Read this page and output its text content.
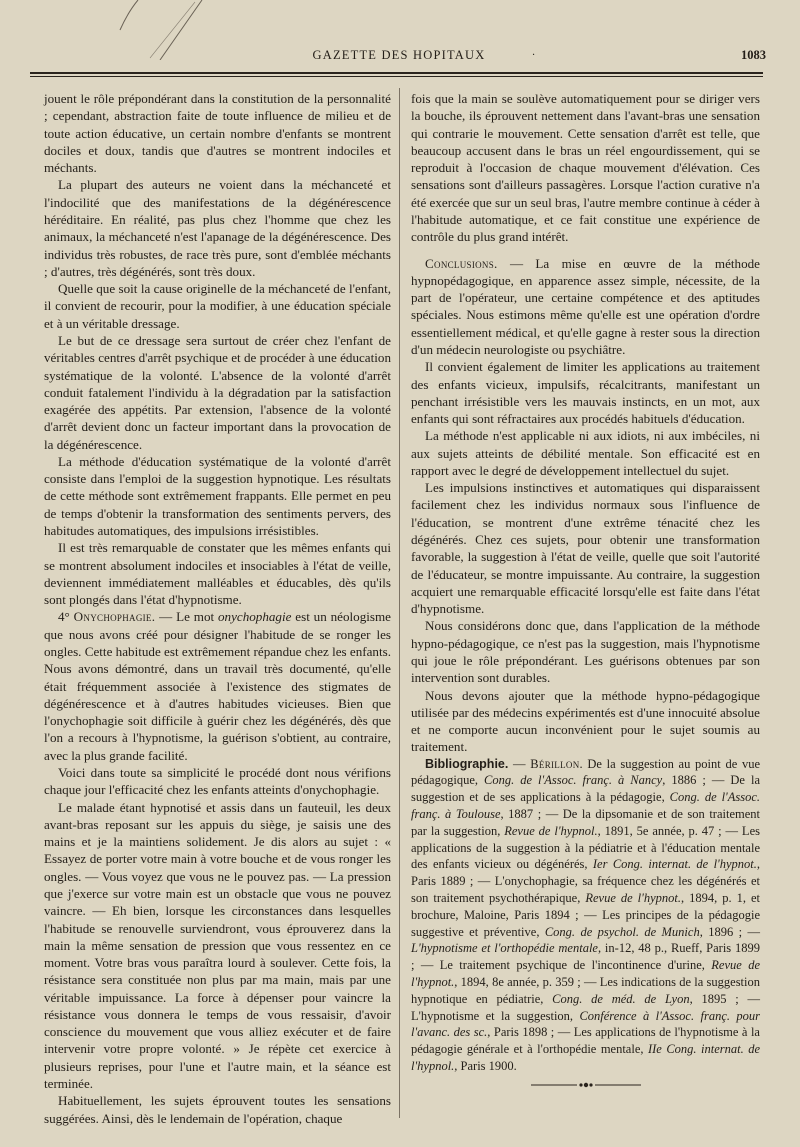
GAZETTE DES HOPITAUX	·	1083

jouent le rôle prépondérant dans la constitution de la personnalité ; cependant, abstraction faite de toute influence de milieu et de toute action éducative, un certain nombre d'enfants se montrent dociles et doux, tandis que d'autres se montrent indociles et méchants.

La plupart des auteurs ne voient dans la méchanceté et l'indocilité que des manifestations de la dégénérescence héréditaire. En réalité, pas plus chez l'homme que chez les animaux, la méchanceté n'est l'apanage de la dégénérescence. Des individus très robustes, de race très pure, sont d'emblée méchants ; d'autres, très dégénérés, sont très doux.

Quelle que soit la cause originelle de la méchanceté de l'enfant, il convient de recourir, pour la modifier, à une éducation spéciale et à un véritable dressage.

Le but de ce dressage sera surtout de créer chez l'enfant de véritables centres d'arrêt psychique et de procéder à une éducation systématique de la volonté. L'absence de la volonté d'arrêt conduit fatalement l'individu à la dégradation par la satisfaction exagérée des appétits. Par extension, l'absence de la volonté d'arrêt devient donc un facteur important dans la provocation de la dégénérescence.

La méthode d'éducation systématique de la volonté d'arrêt consiste dans l'emploi de la suggestion hypnotique. Les résultats de cette méthode sont extrêmement frappants. Elle permet en peu de temps d'obtenir la transformation des sentiments pervers, des habitudes automatiques, des impulsions irrésistibles.

Il est très remarquable de constater que les mêmes enfants qui se montrent absolument indociles et insociables à l'état de veille, deviennent immédiatement malléables et éducables, dès qu'ils sont plongés dans l'état d'hypnotisme.

4° Onychophagie. — Le mot onychophagie est un néologisme que nous avons créé pour désigner l'habitude de se ronger les ongles. Cette habitude est extrêmement répandue chez les enfants. Nous avons démontré, dans un travail très documenté, qu'elle était fréquemment associée à l'existence des stigmates de dégénérescence et à d'autres habitudes vicieuses. Bien que l'onychophagie soit difficile à guérir chez les dégénérés, dès que l'on a recours à l'hypnotisme, la guérison s'obtient, au contraire, avec la plus grande facilité.

Voici dans toute sa simplicité le procédé dont nous vérifions chaque jour l'efficacité chez les enfants atteints d'onychophagie.

Le malade étant hypnotisé et assis dans un fauteuil, les deux avant-bras reposant sur les appuis du siège, je saisis une des mains et je la maintiens solidement. Je dis alors au sujet : « Essayez de porter votre main à votre bouche et de vous ronger les ongles. — Vous voyez que vous ne le pouvez pas. — La pression que j'exerce sur votre main est un obstacle que vous ne pouvez vaincre. — Eh bien, lorsque les circonstances dans lesquelles l'habitude se renouvelle surviendront, vous éprouverez dans la main la même sensation de pression que vous ressentez en ce moment. Votre bras vous paraîtra lourd à soulever. Cette fois, la résistance sera constituée non plus par ma main, mais par une véritable impuissance. La force à dépenser pour vaincre la résistance vous donnera le temps de vous ressaisir, d'avoir conscience du mouvement que vous alliez exécuter et de faire intervenir votre propre volonté. » Je répète cet exercice à plusieurs reprises, pour l'une et l'autre main, et la séance est terminée.

Habituellement, les sujets éprouvent toutes les sensations suggérées. Ainsi, dès le lendemain de l'opération, chaque

fois que la main se soulève automatiquement pour se diriger vers la bouche, ils éprouvent nettement dans l'avant-bras une sensation qui contrarie le mouvement. Cette sensation d'arrêt est telle, que beaucoup accusent dans le bras un réel engourdissement, qui se reproduit à l'occasion de chaque mouvement d'élévation. Ces sensations sont d'ailleurs passagères. Lorsque l'action curative n'a été exercée que sur un seul bras, l'autre membre continue à céder à l'habitude automatique, et ce fait constitue une expérience de contrôle du plus grand intérêt.

Conclusions. — La mise en œuvre de la méthode hypnopédagogique, en apparence assez simple, nécessite, de la part de l'opérateur, une certaine compétence et des aptitudes spéciales. Nous estimons même qu'elle est une opération d'ordre essentiellement médical, et qu'elle gagne à rester sous la direction d'un médecin neurologiste ou psychiâtre.

Il convient également de limiter les applications au traitement des enfants vicieux, impulsifs, récalcitrants, manifestant un penchant irrésistible vers les mauvais instincts, en un mot, aux enfants qui sont réfractaires aux procédés habituels d'éducation.

La méthode n'est applicable ni aux idiots, ni aux imbéciles, ni aux sujets atteints de débilité mentale. Son efficacité est en rapport avec le degré de développement intellectuel du sujet.

Les impulsions instinctives et automatiques qui disparaissent facilement chez les individus normaux sous l'influence de l'éducation, se montrent d'une extrême ténacité chez les dégénérés. Chez ces sujets, pour obtenir une transformation favorable, la suggestion à l'état de veille, quelle que soit l'autorité de l'éducateur, se montre impuissante. Au contraire, la suggestion acquiert une remarquable efficacité lorsqu'elle est faite dans l'état d'hypnotisme.

Nous considérons donc que, dans l'application de la méthode hypno-pédagogique, ce n'est pas la suggestion, mais l'hypnotisme qui joue le rôle prépondérant. Les guérisons obtenues par son intervention sont durables.

Nous devons ajouter que la méthode hypno-pédagogique utilisée par des médecins expérimentés est d'une innocuité absolue et ne comporte aucun inconvénient pour le sujet soumis au traitement.

Bibliographie. — Bérillon. De la suggestion au point de vue pédagogique, Cong. de l'Assoc. franç. à Nancy, 1886 ; — De la suggestion et de ses applications à la pédagogie, Cong. de l'Assoc. franç. à Toulouse, 1887 ; — De la dipsomanie et de son traitement par la suggestion, Revue de l'hypnol., 1891, 5e année, p. 47 ; — Les applications de la suggestion à la pédiatrie et à l'éducation mentale des enfants vicieux ou dégénérés, Ier Cong. internat. de l'hypnot., Paris 1889 ; — L'onychophagie, sa fréquence chez les dégénérés et son traitement psychothérapique, Revue de l'hypnot., 1894, p. 1, et brochure, Maloine, Paris 1894 ; — Les principes de la pédagogie suggestive et préventive, Cong. de psychol. de Munich, 1896 ; — L'hypnotisme et l'orthopédie mentale, in-12, 48 p., Rueff, Paris 1899 ; — Le traitement psychique de l'incontinence d'urine, Revue de l'hypnot., 1894, 8e année, p. 359 ; — Les indications de la suggestion hypnotique en pédiatrie, Cong. de méd. de Lyon, 1895 ; — L'hypnotisme et la suggestion, Conférence à l'Assoc. franç. pour l'avanc. des sc., Paris 1898 ; — Les applications de l'hypnotisme à la pédagogie générale et à l'orthopédie mentale, IIe Cong. internat. de l'hypnol., Paris 1900.
